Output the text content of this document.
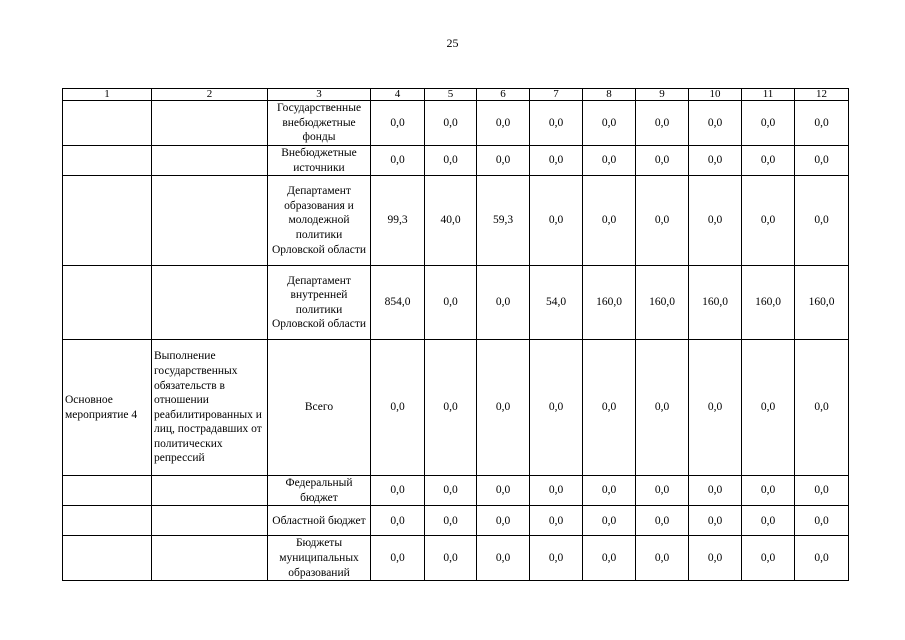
25
1	2	3	4	5	6	7	8	9	10	11	12
		Государственные внебюджетные фонды	0,0	0,0	0,0	0,0	0,0	0,0	0,0	0,0	0,0
		Внебюджетные источники	0,0	0,0	0,0	0,0	0,0	0,0	0,0	0,0	0,0
		Департамент образования и молодежной политики Орловской области	99,3	40,0	59,3	0,0	0,0	0,0	0,0	0,0	0,0
		Департамент внутренней политики Орловской области	854,0	0,0	0,0	54,0	160,0	160,0	160,0	160,0	160,0
Основное мероприятие 4	Выполнение государственных обязательств в отношении реабилитированных и лиц, пострадавших от политических репрессий	Всего	0,0	0,0	0,0	0,0	0,0	0,0	0,0	0,0	0,0
		Федеральный бюджет	0,0	0,0	0,0	0,0	0,0	0,0	0,0	0,0	0,0
		Областной бюджет	0,0	0,0	0,0	0,0	0,0	0,0	0,0	0,0	0,0
		Бюджеты муниципальных образований	0,0	0,0	0,0	0,0	0,0	0,0	0,0	0,0	0,0
